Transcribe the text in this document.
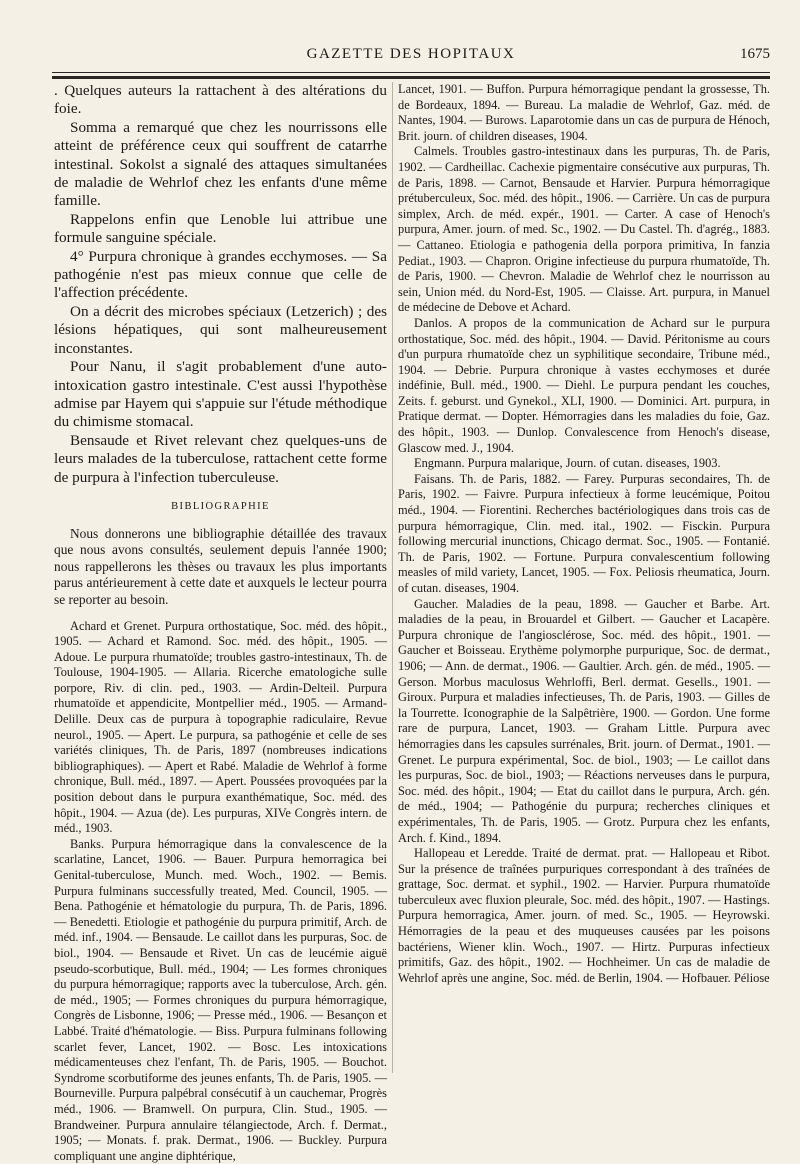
GAZETTE DES HOPITAUX	1675

. Quelques auteurs la rattachent à des altérations du foie.

Somma a remarqué que chez les nourrissons elle atteint de préférence ceux qui souffrent de catarrhe intestinal. Sokolst a signalé des attaques simultanées de maladie de Wehrlof chez les enfants d'une même famille.

Rappelons enfin que Lenoble lui attribue une formule sanguine spéciale.

4° Purpura chronique à grandes ecchymoses. — Sa pathogénie n'est pas mieux connue que celle de l'affection précédente.

On a décrit des microbes spéciaux (Letzerich) ; des lésions hépatiques, qui sont malheureusement inconstantes.

Pour Nanu, il s'agit probablement d'une auto-intoxication gastro intestinale. C'est aussi l'hypothèse admise par Hayem qui s'appuie sur l'étude méthodique du chimisme stomacal.

Bensaude et Rivet relevant chez quelques-uns de leurs malades de la tuberculose, rattachent cette forme de purpura à l'infection tuberculeuse.

BIBLIOGRAPHIE

Nous donnerons une bibliographie détaillée des travaux que nous avons consultés, seulement depuis l'année 1900; nous rappellerons les thèses ou travaux les plus importants parus antérieurement à cette date et auxquels le lecteur pourra se reporter au besoin.

Achard et Grenet. Purpura orthostatique, Soc. méd. des hôpit., 1905. — Achard et Ramond. Soc. méd. des hôpit., 1905. — Adoue. Le purpura rhumatoïde; troubles gastro-intestinaux, Th. de Toulouse, 1904-1905. — Allaria. Ricerche ematologiche sulle porpore, Riv. di clin. ped., 1903. — Ardin-Delteil. Purpura rhumatoïde et appendicite, Montpellier méd., 1905. — Armand-Delille. Deux cas de purpura à topographie radiculaire, Revue neurol., 1905. — Apert. Le purpura, sa pathogénie et celle de ses variétés cliniques, Th. de Paris, 1897 (nombreuses indications bibliographiques). — Apert et Rabé. Maladie de Wehrlof à forme chronique, Bull. méd., 1897. — Apert. Poussées provoquées par la position debout dans le purpura exanthématique, Soc. méd. des hôpit., 1904. — Azua (de). Les purpuras, XIVe Congrès intern. de méd., 1903.

Banks. Purpura hémorragique dans la convalescence de la scarlatine, Lancet, 1906. — Bauer. Purpura hemorragica bei Genital-tuberculose, Munch. med. Woch., 1902. — Bemis. Purpura fulminans successfully treated, Med. Council, 1905. — Bena. Pathogénie et hématologie du purpura, Th. de Paris, 1896. — Benedetti. Etiologie et pathogénie du purpura primitif, Arch. de méd. inf., 1904. — Bensaude. Le caillot dans les purpuras, Soc. de biol., 1904. — Bensaude et Rivet. Un cas de leucémie aiguë pseudo-scorbutique, Bull. méd., 1904; — Les formes chroniques du purpura hémorragique; rapports avec la tuberculose, Arch. gén. de méd., 1905; — Formes chroniques du purpura hémorragique, Congrès de Lisbonne, 1906; — Presse méd., 1906. — Besançon et Labbé. Traité d'hématologie. — Biss. Purpura fulminans following scarlet fever, Lancet, 1902. — Bosc. Les intoxications médicamenteuses chez l'enfant, Th. de Paris, 1905. — Bouchot. Syndrome scorbutiforme des jeunes enfants, Th. de Paris, 1905. — Bourneville. Purpura palpébral consécutif à un cauchemar, Progrès méd., 1906. — Bramwell. On purpura, Clin. Stud., 1905. — Brandweiner. Purpura annulaire télangiectode, Arch. f. Dermat., 1905; — Monats. f. prak. Dermat., 1906. — Buckley. Purpura compliquant une angine diphtérique,

Lancet, 1901. — Buffon. Purpura hémorragique pendant la grossesse, Th. de Bordeaux, 1894. — Bureau. La maladie de Wehrlof, Gaz. méd. de Nantes, 1904. — Burows. Laparotomie dans un cas de purpura de Hénoch, Brit. journ. of children diseases, 1904.

Calmels. Troubles gastro-intestinaux dans les purpuras, Th. de Paris, 1902. — Cardheillac. Cachexie pigmentaire consécutive aux purpuras, Th. de Paris, 1898. — Carnot, Bensaude et Harvier. Purpura hémorragique prétuberculeux, Soc. méd. des hôpit., 1906. — Carrière. Un cas de purpura simplex, Arch. de méd. expér., 1901. — Carter. A case of Henoch's purpura, Amer. journ. of med. Sc., 1902. — Du Castel. Th. d'agrég., 1883. — Cattaneo. Etiologia e pathogenia della porpora primitiva, In fanzia Pediat., 1903. — Chapron. Origine infectieuse du purpura rhumatoïde, Th. de Paris, 1900. — Chevron. Maladie de Wehrlof chez le nourrisson au sein, Union méd. du Nord-Est, 1905. — Claisse. Art. purpura, in Manuel de médecine de Debove et Achard.

Danlos. A propos de la communication de Achard sur le purpura orthostatique, Soc. méd. des hôpit., 1904. — David. Péritonisme au cours d'un purpura rhumatoïde chez un syphilitique secondaire, Tribune méd., 1904. — Debrie. Purpura chronique à vastes ecchymoses et durée indéfinie, Bull. méd., 1900. — Diehl. Le purpura pendant les couches, Zeits. f. geburst. und Gynekol., XLI, 1900. — Dominici. Art. purpura, in Pratique dermat. — Dopter. Hémorragies dans les maladies du foie, Gaz. des hôpit., 1903. — Dunlop. Convalescence from Henoch's disease, Glascow med. J., 1904.

Engmann. Purpura malarique, Journ. of cutan. diseases, 1903.

Faisans. Th. de Paris, 1882. — Farey. Purpuras secondaires, Th. de Paris, 1902. — Faivre. Purpura infectieux à forme leucémique, Poitou méd., 1904. — Fiorentini. Recherches bactériologiques dans trois cas de purpura hémorragique, Clin. med. ital., 1902. — Fisckin. Purpura following mercurial inunctions, Chicago dermat. Soc., 1905. — Fontanié. Th. de Paris, 1902. — Fortune. Purpura convalescentium following measles of mild variety, Lancet, 1905. — Fox. Peliosis rheumatica, Journ. of cutan. diseases, 1904.

Gaucher. Maladies de la peau, 1898. — Gaucher et Barbe. Art. maladies de la peau, in Brouardel et Gilbert. — Gaucher et Lacapère. Purpura chronique de l'angiosclérose, Soc. méd. des hôpit., 1901. — Gaucher et Boisseau. Erythème polymorphe purpurique, Soc. de dermat., 1906; — Ann. de dermat., 1906. — Gaultier. Arch. gén. de méd., 1905. — Gerson. Morbus maculosus Wehrloffi, Berl. dermat. Gesells., 1901. — Giroux. Purpura et maladies infectieuses, Th. de Paris, 1903. — Gilles de la Tourrette. Iconographie de la Salpêtrière, 1900. — Gordon. Une forme rare de purpura, Lancet, 1903. — Graham Little. Purpura avec hémorragies dans les capsules surrénales, Brit. journ. of Dermat., 1901. — Grenet. Le purpura expérimental, Soc. de biol., 1903; — Le caillot dans les purpuras, Soc. de biol., 1903; — Réactions nerveuses dans le purpura, Soc. méd. des hôpit., 1904; — Etat du caillot dans le purpura, Arch. gén. de méd., 1904; — Pathogénie du purpura; recherches cliniques et expérimentales, Th. de Paris, 1905. — Grotz. Purpura chez les enfants, Arch. f. Kind., 1894.

Hallopeau et Leredde. Traité de dermat. prat. — Hallopeau et Ribot. Sur la présence de traînées purpuriques correspondant à des traînées de grattage, Soc. dermat. et syphil., 1902. — Harvier. Purpura rhumatoïde tuberculeux avec fluxion pleurale, Soc. méd. des hôpit., 1907. — Hastings. Purpura hemorragica, Amer. journ. of med. Sc., 1905. — Heyrowski. Hémorragies de la peau et des muqueuses causées par les poisons bactériens, Wiener klin. Woch., 1907. — Hirtz. Purpuras infectieux primitifs, Gaz. des hôpit., 1902. — Hochheimer. Un cas de maladie de Wehrlof après une angine, Soc. méd. de Berlin, 1904. — Hofbauer. Péliose
